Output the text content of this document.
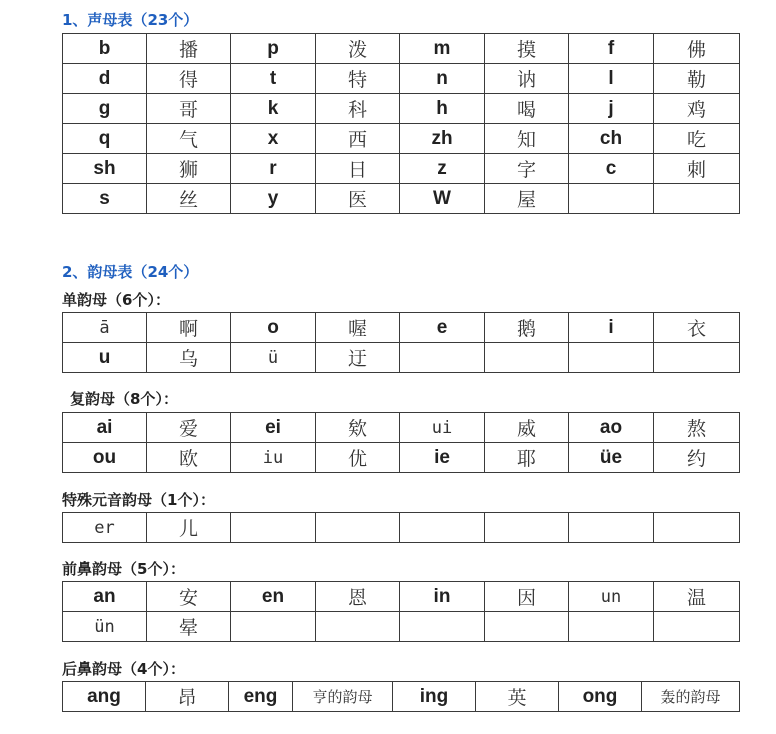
1、声母表（23个）
b	播	p	泼	m	摸	f	佛
d	得	t	特	n	讷	l	勒
g	哥	k	科	h	喝	j	鸡
q	气	x	西	zh	知	ch	吃
sh	狮	r	日	z	字	c	刺
s	丝	y	医	W	屋		
2、韵母表（24个）
单韵母（6个）：
ā	啊	o	喔	e	鹅	i	衣
u	乌	ü	迂				
复韵母（8个）：
ai	爱	ei	欸	ui	威	ao	熬
ou	欧	iu	优	ie	耶	üe	约
特殊元音韵母（1个）：
er	儿						
前鼻韵母（5个）：
an	安	en	恩	in	因	un	温
ün	晕						
后鼻韵母（4个）：
ang	昂	eng	亨的韵母	ing	英	ong	轰的韵母
